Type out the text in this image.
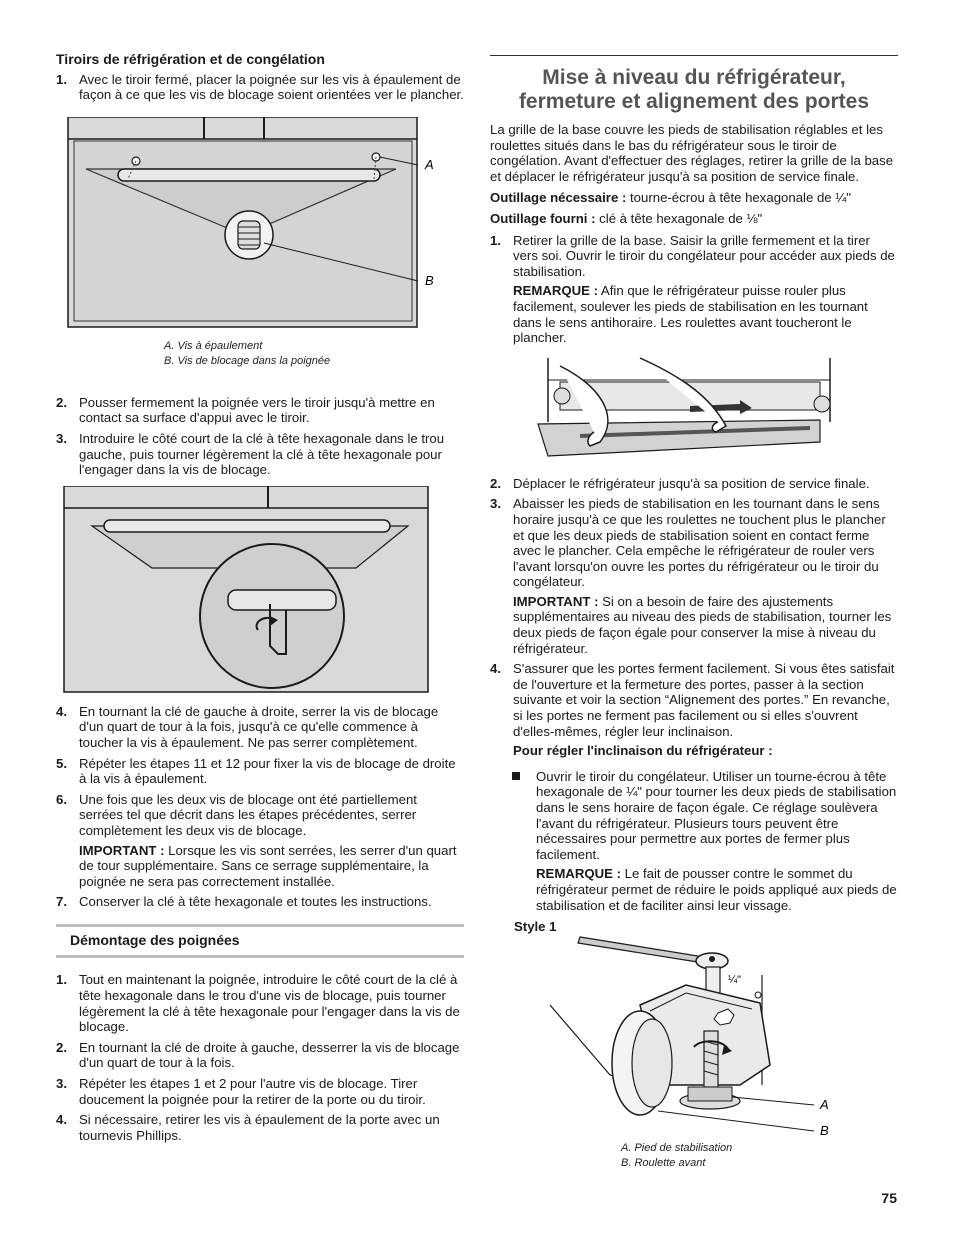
Tiroirs de réfrigération et de congélation
1. Avec le tiroir fermé, placer la poignée sur les vis à épaulement de façon à ce que les vis de blocage soient orientées ver le plancher.
A
B
A. Vis à épaulement
B. Vis de blocage dans la poignée
2. Pousser fermement la poignée vers le tiroir jusqu'à mettre en contact sa surface d'appui avec le tiroir.
3. Introduire le côté court de la clé à tête hexagonale dans le trou gauche, puis tourner légèrement la clé à tête hexagonale pour l'engager dans la vis de blocage.
4. En tournant la clé de gauche à droite, serrer la vis de blocage d'un quart de tour à la fois, jusqu'à ce qu'elle commence à toucher la vis à épaulement. Ne pas serrer complètement.
5. Répéter les étapes 11 et 12 pour fixer la vis de blocage de droite à la vis à épaulement.
6. Une fois que les deux vis de blocage ont été partiellement serrées tel que décrit dans les étapes précédentes, serrer complètement les deux vis de blocage.
IMPORTANT : Lorsque les vis sont serrées, les serrer d'un quart de tour supplémentaire. Sans ce serrage supplémentaire, la poignée ne sera pas correctement installée.
7. Conserver la clé à tête hexagonale et toutes les instructions.
Démontage des poignées
1. Tout en maintenant la poignée, introduire le côté court de la clé à tête hexagonale dans le trou d'une vis de blocage, puis tourner légèrement la clé à tête hexagonale pour l'engager dans la vis de blocage.
2. En tournant la clé de droite à gauche, desserrer la vis de blocage d'un quart de tour à la fois.
3. Répéter les étapes 1 et 2 pour l'autre vis de blocage. Tirer doucement la poignée pour la retirer de la porte ou du tiroir.
4. Si nécessaire, retirer les vis à épaulement de la porte avec un tournevis Phillips.
Mise à niveau du réfrigérateur,
fermeture et alignement des portes
La grille de la base couvre les pieds de stabilisation réglables et les roulettes situés dans le bas du réfrigérateur sous le tiroir de congélation. Avant d'effectuer des réglages, retirer la grille de la base et déplacer le réfrigérateur jusqu'à sa position de service finale.
Outillage nécessaire : tourne-écrou à tête hexagonale de ¼"
Outillage fourni : clé à tête hexagonale de ⅛"
1. Retirer la grille de la base. Saisir la grille fermement et la tirer vers soi. Ouvrir le tiroir du congélateur pour accéder aux pieds de stabilisation.
REMARQUE : Afin que le réfrigérateur puisse rouler plus facilement, soulever les pieds de stabilisation en les tournant dans le sens antihoraire. Les roulettes avant toucheront le plancher.
2. Déplacer le réfrigérateur jusqu'à sa position de service finale.
3. Abaisser les pieds de stabilisation en les tournant dans le sens horaire jusqu'à ce que les roulettes ne touchent plus le plancher et que les deux pieds de stabilisation soient en contact ferme avec le plancher. Cela empêche le réfrigérateur de rouler vers l'avant lorsqu'on ouvre les portes du réfrigérateur ou le tiroir du congélateur.
IMPORTANT : Si on a besoin de faire des ajustements supplémentaires au niveau des pieds de stabilisation, tourner les deux pieds de façon égale pour conserver la mise à niveau du réfrigérateur.
4. S'assurer que les portes ferment facilement. Si vous êtes satisfait de l'ouverture et la fermeture des portes, passer à la section suivante et voir la section “Alignement des portes.” En revanche, si les portes ne ferment pas facilement ou si elles s'ouvrent d'elles-mêmes, régler leur inclinaison.
Pour régler l'inclinaison du réfrigérateur :
Ouvrir le tiroir du congélateur. Utiliser un tourne-écrou à tête hexagonale de ¼" pour tourner les deux pieds de stabilisation dans le sens horaire de façon égale. Ce réglage soulèvera l'avant du réfrigérateur. Plusieurs tours peuvent être nécessaires pour permettre aux portes de fermer plus facilement.
REMARQUE : Le fait de pousser contre le sommet du réfrigérateur permet de réduire le poids appliqué aux pieds de stabilisation et de faciliter ainsi leur vissage.
Style 1
¼"
A
B
A. Pied de stabilisation
B. Roulette avant
75
